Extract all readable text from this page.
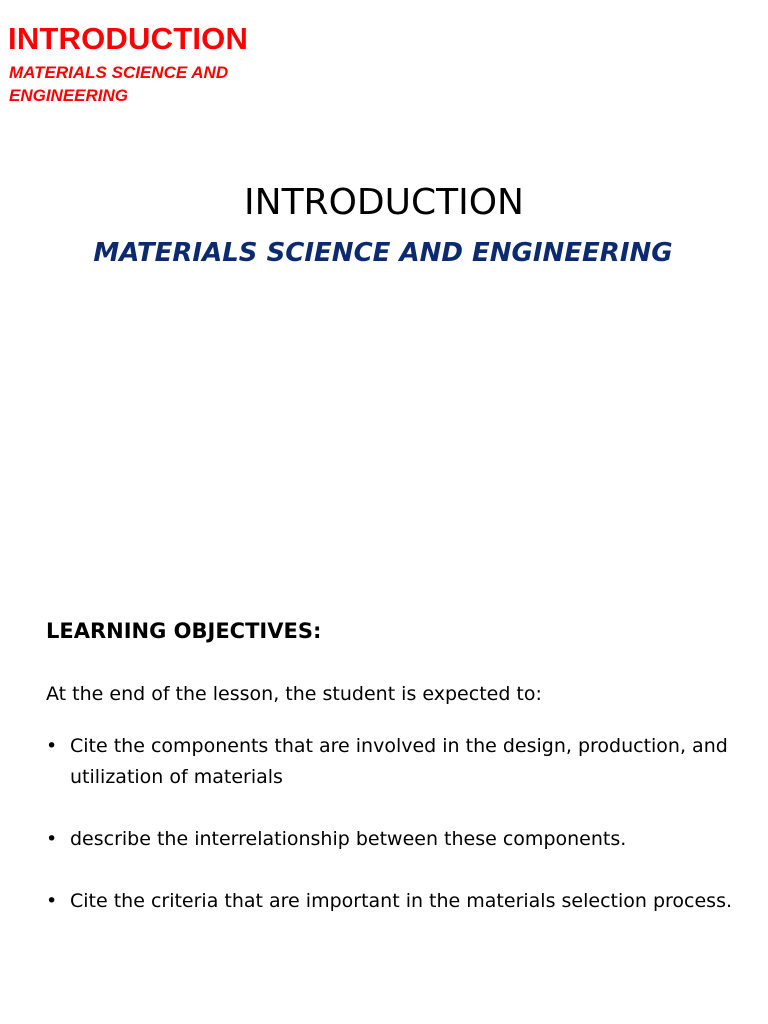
INTRODUCTION
MATERIALS SCIENCE AND ENGINEERING
INTRODUCTION
MATERIALS SCIENCE AND ENGINEERING

LEARNING OBJECTIVES:

At the end of the lesson, the student is expected to:

• Cite the components that are involved in the design, production, and utilization of materials
• describe the interrelationship between these components.
• Cite the criteria that are important in the materials selection process.
